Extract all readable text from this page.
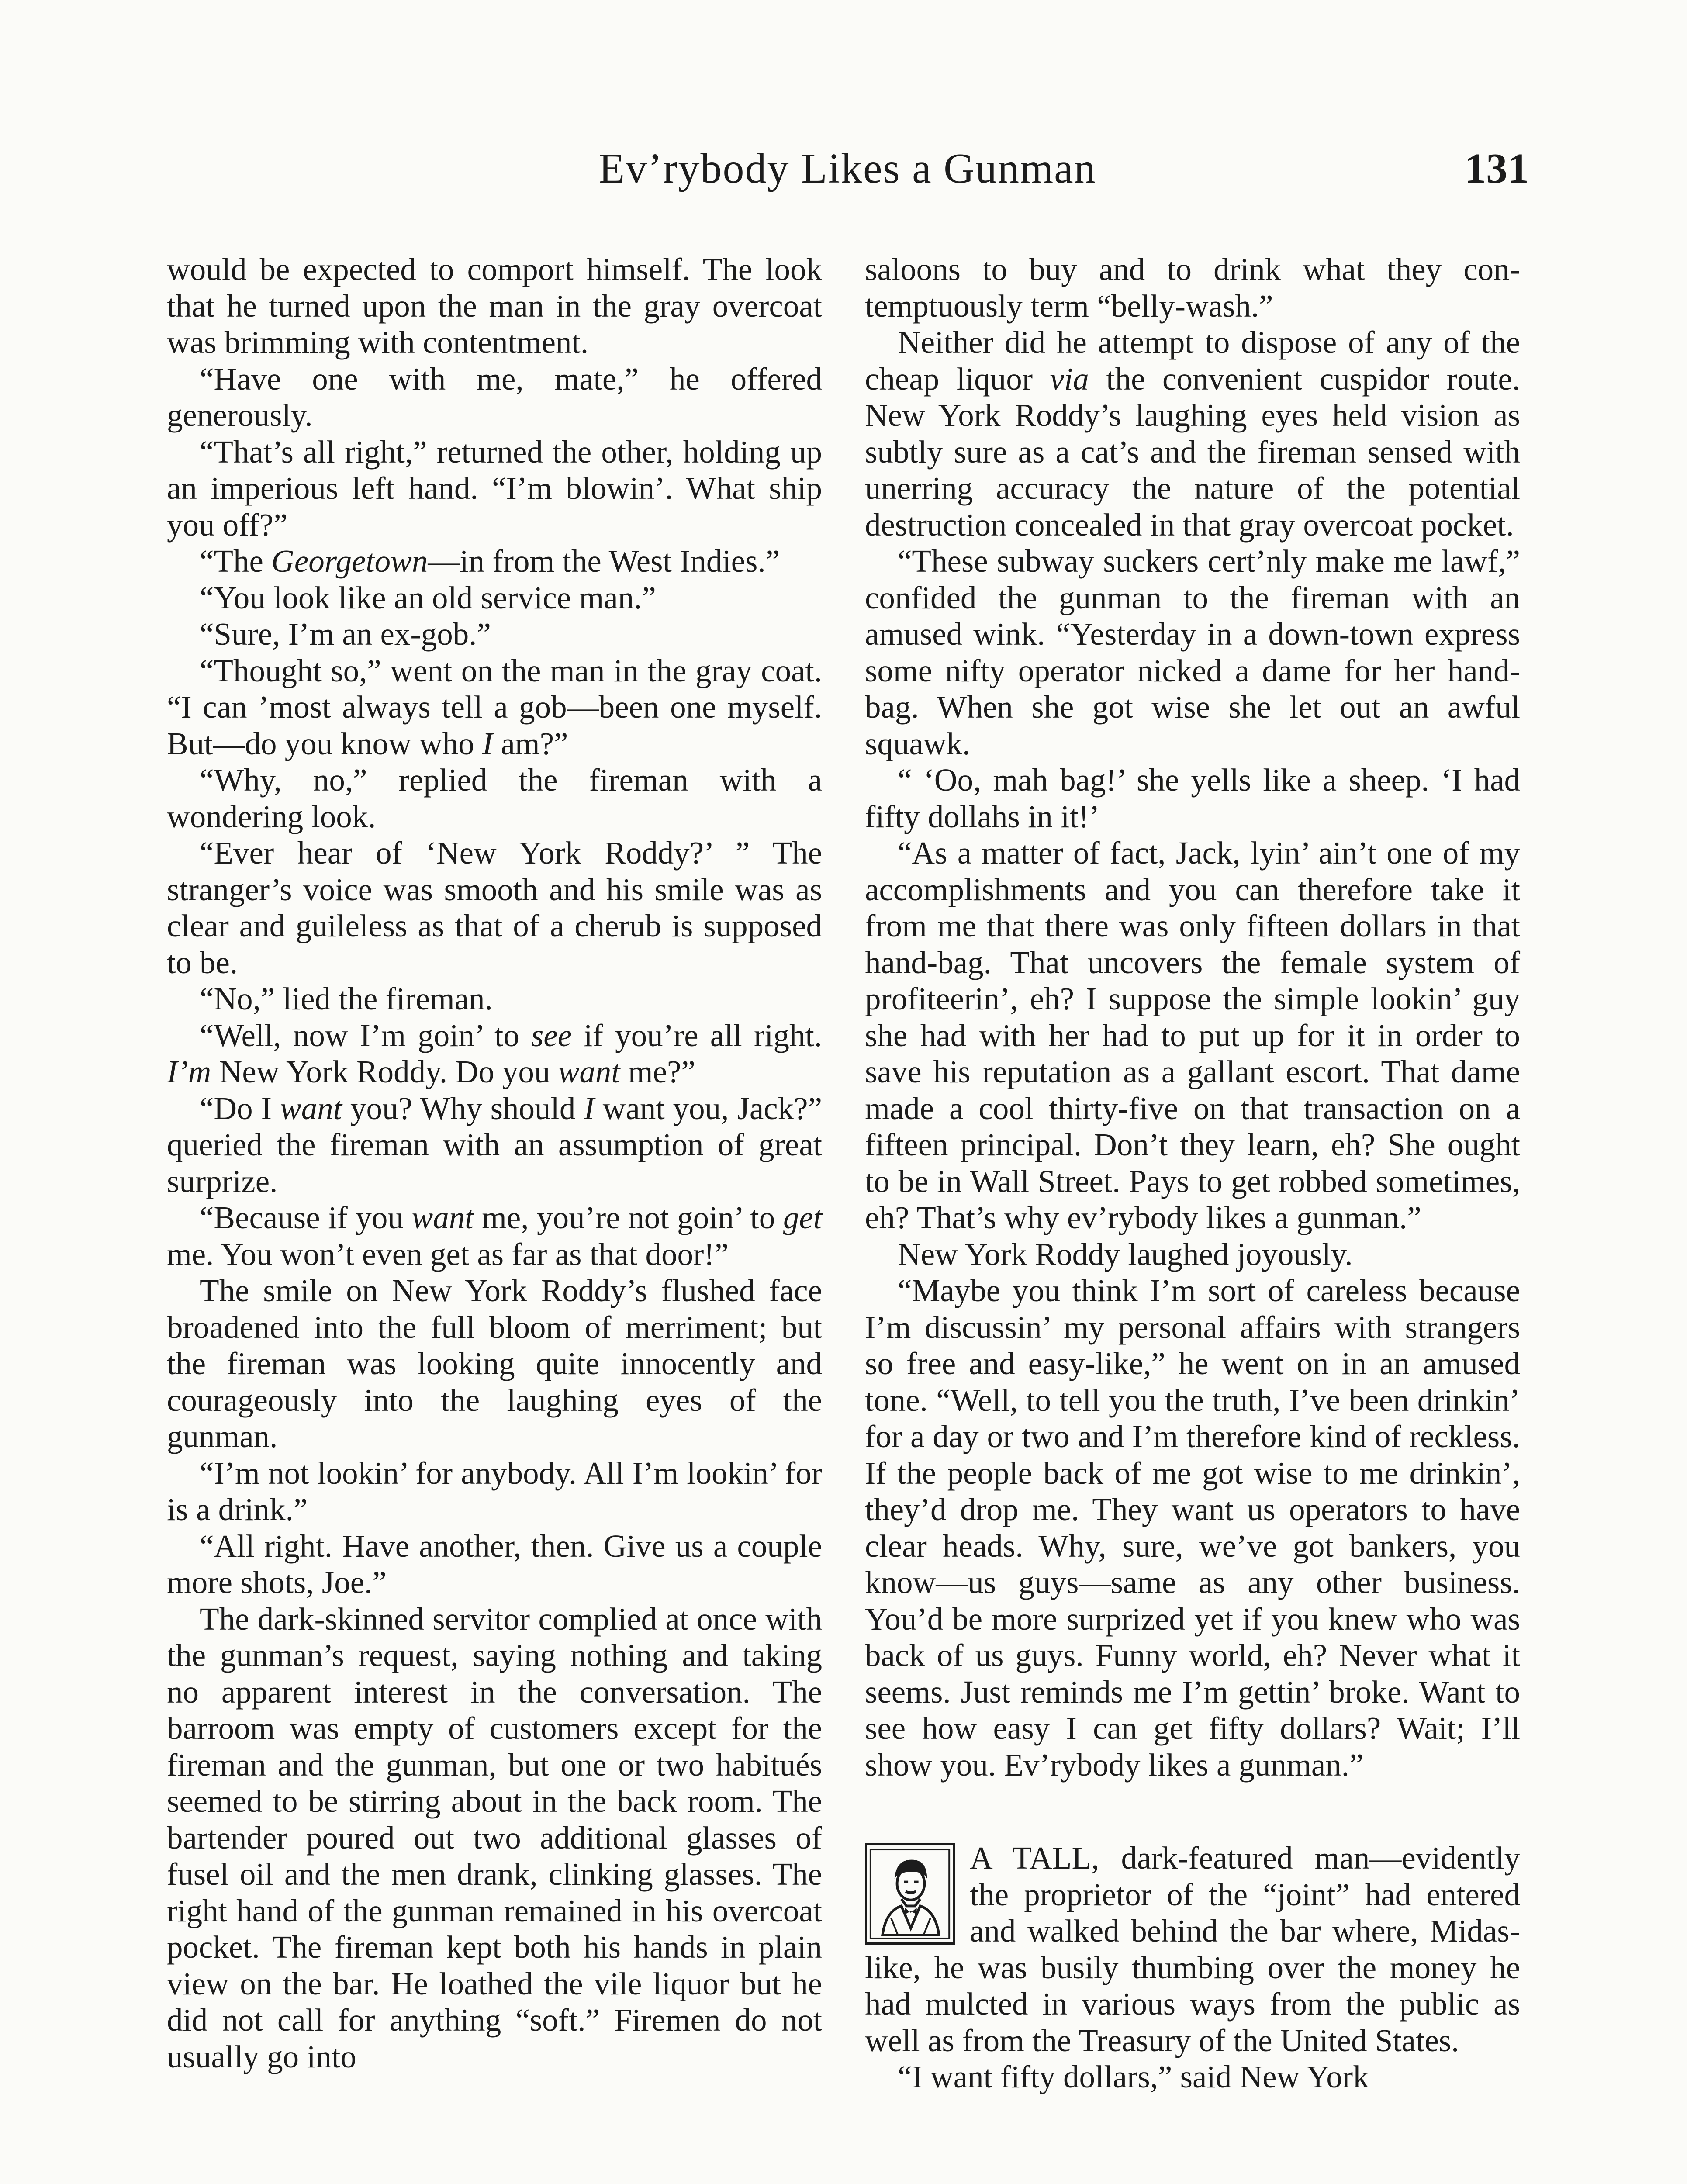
Ev’rybody Likes a Gunman	131

would be expected to comport himself. The look that he turned upon the man in the gray overcoat was brimming with contentment.

“Have one with me, mate,” he offered generously.

“That’s all right,” returned the other, holding up an imperious left hand. “I’m blowin’. What ship you off?”

“The Georgetown—in from the West Indies.”

“You look like an old service man.”

“Sure, I’m an ex-gob.”

“Thought so,” went on the man in the gray coat. “I can ’most always tell a gob—been one myself. But—do you know who I am?”

“Why, no,” replied the fireman with a wondering look.

“Ever hear of ‘New York Roddy?’ ” The stranger’s voice was smooth and his smile was as clear and guileless as that of a cherub is supposed to be.

“No,” lied the fireman.

“Well, now I’m goin’ to see if you’re all right. I’m New York Roddy. Do you want me?”

“Do I want you? Why should I want you, Jack?” queried the fireman with an assumption of great surprize.

“Because if you want me, you’re not goin’ to get me. You won’t even get as far as that door!”

The smile on New York Roddy’s flushed face broadened into the full bloom of merriment; but the fireman was looking quite innocently and courageously into the laughing eyes of the gunman.

“I’m not lookin’ for anybody. All I’m lookin’ for is a drink.”

“All right. Have another, then. Give us a couple more shots, Joe.”

The dark-skinned servitor complied at once with the gunman’s request, saying nothing and taking no apparent interest in the conversation. The barroom was empty of customers except for the fireman and the gunman, but one or two habitués seemed to be stirring about in the back room. The bartender poured out two additional glasses of fusel oil and the men drank, clinking glasses. The right hand of the gunman remained in his overcoat pocket. The fireman kept both his hands in plain view on the bar. He loathed the vile liquor but he did not call for anything “soft.” Firemen do not usually go into

saloons to buy and to drink what they contemptuously term “belly-wash.”

Neither did he attempt to dispose of any of the cheap liquor via the convenient cuspidor route. New York Roddy’s laughing eyes held vision as subtly sure as a cat’s and the fireman sensed with unerring accuracy the nature of the potential destruction concealed in that gray overcoat pocket.

“These subway suckers cert’nly make me lawf,” confided the gunman to the fireman with an amused wink. “Yesterday in a down-town express some nifty operator nicked a dame for her hand-bag. When she got wise she let out an awful squawk.

“ ‘Oo, mah bag!’ she yells like a sheep. ‘I had fifty dollahs in it!’

“As a matter of fact, Jack, lyin’ ain’t one of my accomplishments and you can therefore take it from me that there was only fifteen dollars in that hand-bag. That uncovers the female system of profiteerin’, eh? I suppose the simple lookin’ guy she had with her had to put up for it in order to save his reputation as a gallant escort. That dame made a cool thirty-five on that transaction on a fifteen principal. Don’t they learn, eh? She ought to be in Wall Street. Pays to get robbed sometimes, eh? That’s why ev’rybody likes a gunman.”

New York Roddy laughed joyously.

“Maybe you think I’m sort of careless because I’m discussin’ my personal affairs with strangers so free and easy-like,” he went on in an amused tone. “Well, to tell you the truth, I’ve been drinkin’ for a day or two and I’m therefore kind of reckless. If the people back of me got wise to me drinkin’, they’d drop me. They want us operators to have clear heads. Why, sure, we’ve got bankers, you know—us guys—same as any other business. You’d be more surprized yet if you knew who was back of us guys. Funny world, eh? Never what it seems. Just reminds me I’m gettin’ broke. Want to see how easy I can get fifty dollars? Wait; I’ll show you. Ev’rybody likes a gunman.”

A TALL, dark-featured man—evidently the proprietor of the “joint” had entered and walked behind the bar where, Midas-like, he was busily thumbing over the money he had mulcted in various ways from the public as well as from the Treasury of the United States.

“I want fifty dollars,” said New York
